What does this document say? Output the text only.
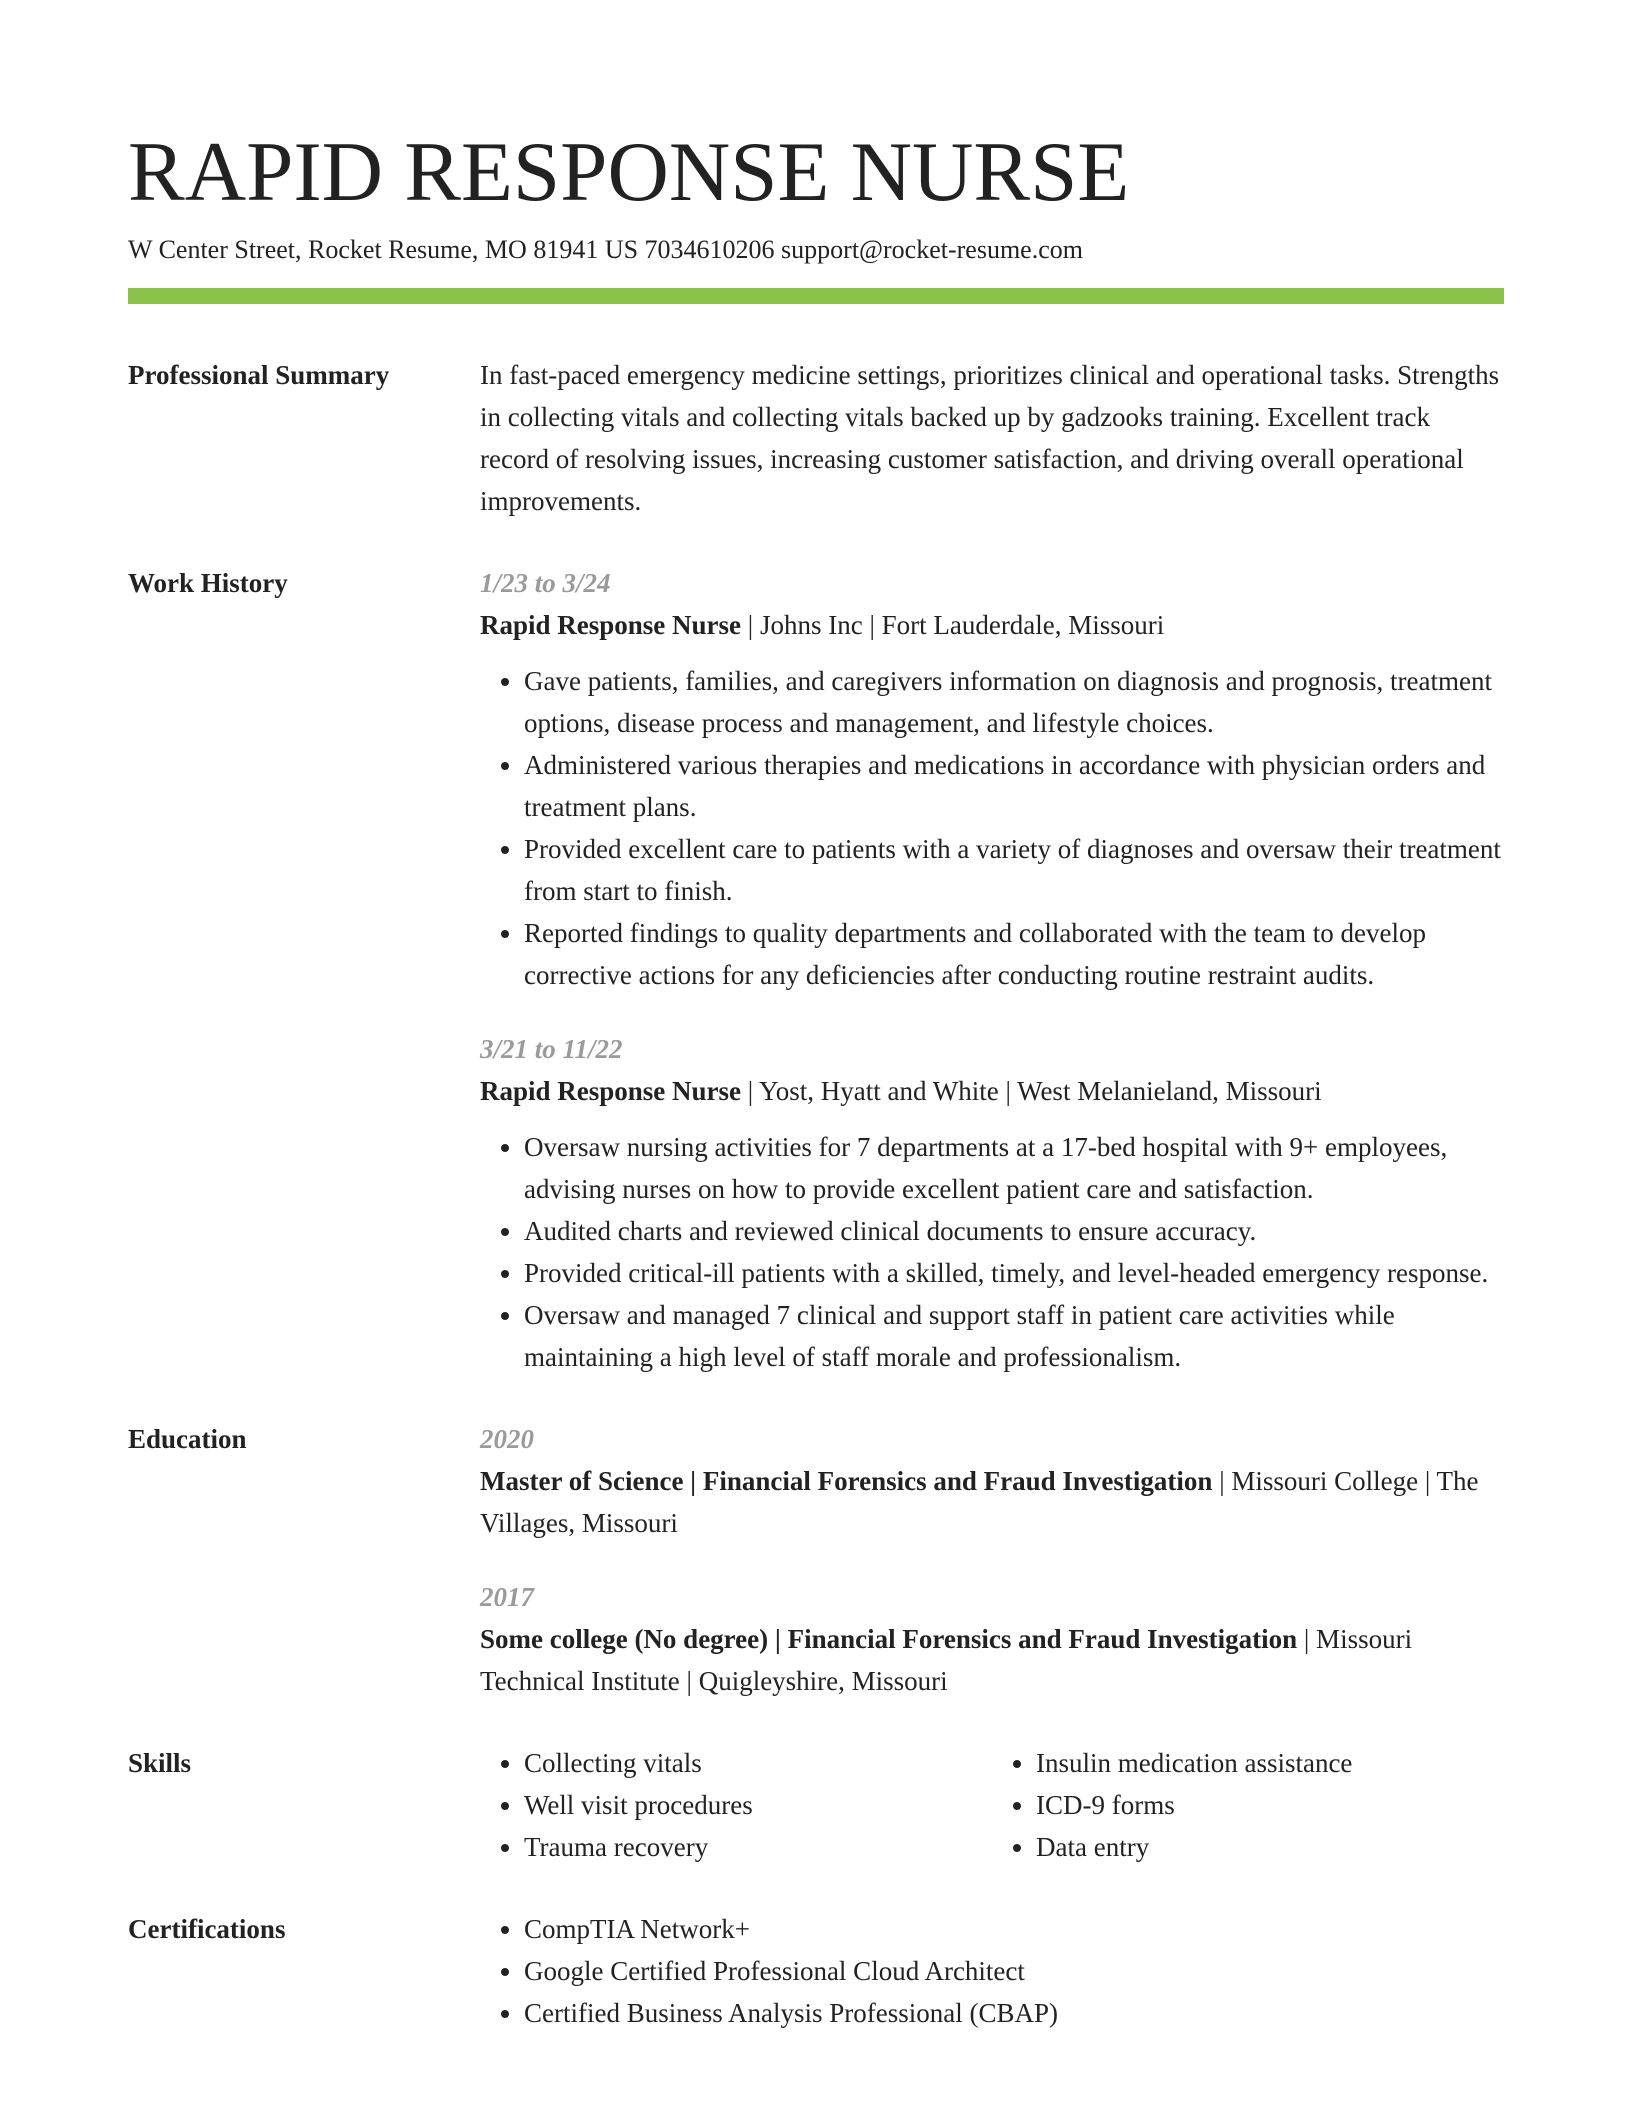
RAPID RESPONSE NURSE
W Center Street, Rocket Resume, MO 81941 US 7034610206 support@rocket-resume.com
Professional Summary	In fast-paced emergency medicine settings, prioritizes clinical and operational tasks. Strengths in collecting vitals and collecting vitals backed up by gadzooks training. Excellent track record of resolving issues, increasing customer satisfaction, and driving overall operational improvements.

Work History	1/23 to 3/24
Rapid Response Nurse | Johns Inc | Fort Lauderdale, Missouri
• Gave patients, families, and caregivers information on diagnosis and prognosis, treatment options, disease process and management, and lifestyle choices.
• Administered various therapies and medications in accordance with physician orders and treatment plans.
• Provided excellent care to patients with a variety of diagnoses and oversaw their treatment from start to finish.
• Reported findings to quality departments and collaborated with the team to develop corrective actions for any deficiencies after conducting routine restraint audits.
3/21 to 11/22
Rapid Response Nurse | Yost, Hyatt and White | West Melanieland, Missouri
• Oversaw nursing activities for 7 departments at a 17-bed hospital with 9+ employees, advising nurses on how to provide excellent patient care and satisfaction.
• Audited charts and reviewed clinical documents to ensure accuracy.
• Provided critical-ill patients with a skilled, timely, and level-headed emergency response.
• Oversaw and managed 7 clinical and support staff in patient care activities while maintaining a high level of staff morale and professionalism.
Education	2020
Master of Science | Financial Forensics and Fraud Investigation | Missouri College | The Villages, Missouri
2017
Some college (No degree) | Financial Forensics and Fraud Investigation | Missouri Technical Institute | Quigleyshire, Missouri
Skills	• Collecting vitals
• Well visit procedures
• Trauma recovery
• Insulin medication assistance
• ICD-9 forms
• Data entry
Certifications	• CompTIA Network+
• Google Certified Professional Cloud Architect
• Certified Business Analysis Professional (CBAP)
